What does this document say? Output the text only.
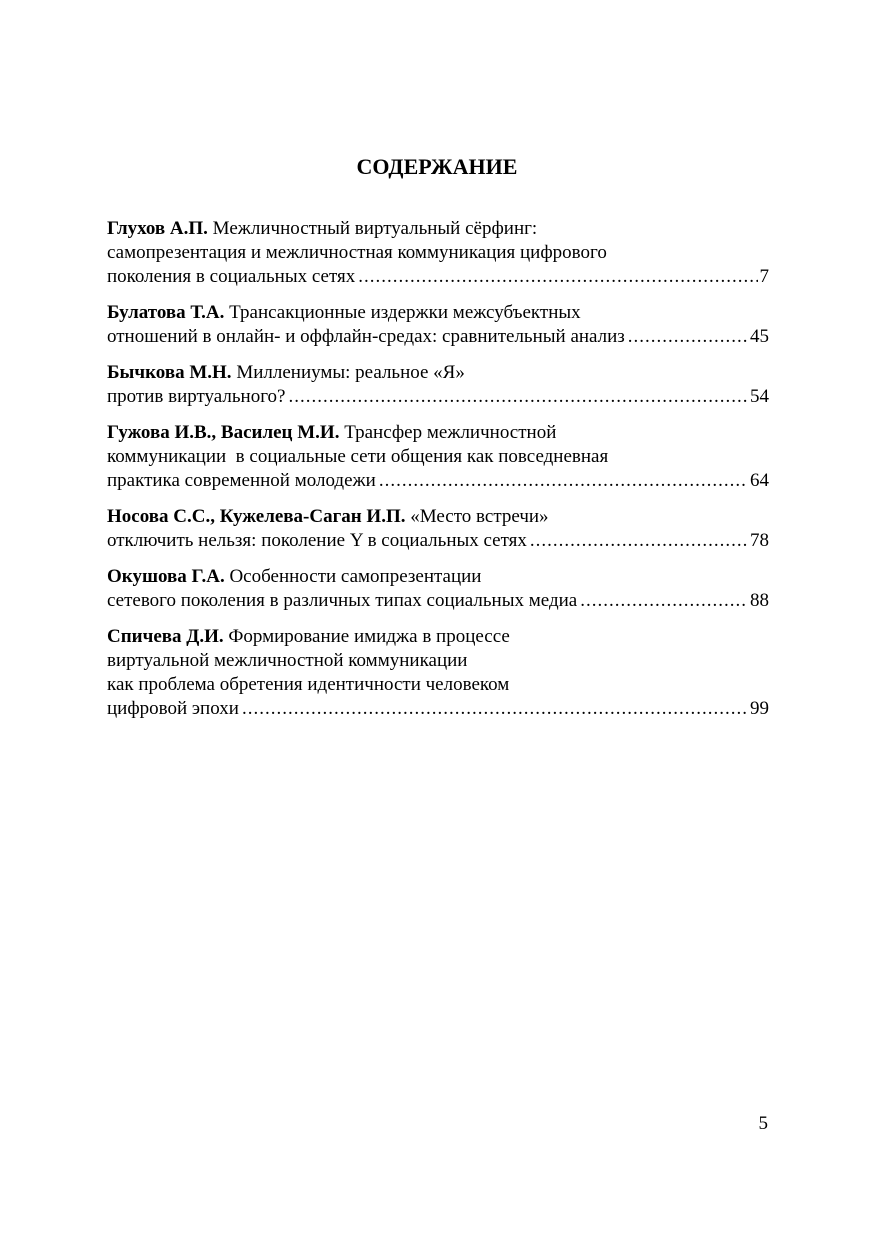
СОДЕРЖАНИЕ
Глухов А.П. Межличностный виртуальный сёрфинг:
самопрезентация и межличностная коммуникация цифрового
поколения в социальных сетях .....	7
Булатова Т.А. Трансакционные издержки межсубъектных
отношений в онлайн- и оффлайн-средах: сравнительный анализ .....	45
Бычкова М.Н. Миллениумы: реальное «Я»
против виртуального? .....	54
Гужова И.В., Василец М.И. Трансфер межличностной
коммуникации  в социальные сети общения как повседневная
практика современной молодежи .....	64
Носова С.С., Кужелева-Саган И.П. «Место встречи»
отключить нельзя: поколение Y в социальных сетях .....	78
Окушова Г.А. Особенности самопрезентации
сетевого поколения в различных типах социальных медиа .....	88
Спичева Д.И. Формирование имиджа в процессе
виртуальной межличностной коммуникации
как проблема обретения идентичности человеком
цифровой эпохи .....	99
5
